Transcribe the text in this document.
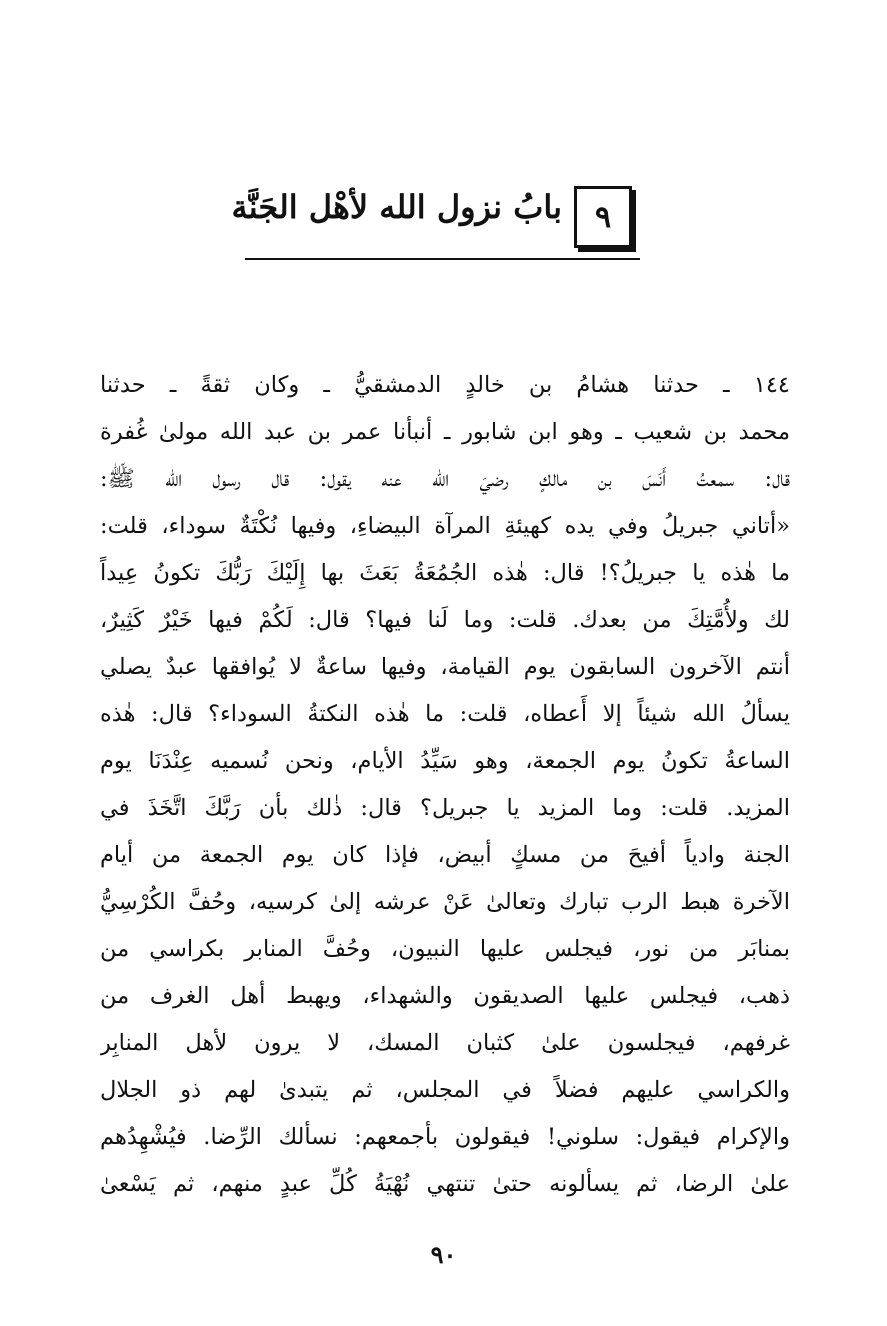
٩
بابُ نزول الله لأهْل الجَنَّة
١٤٤ ـ حدثنا هشامُ بن خالدٍ الدمشقيُّ ـ وكان ثقةً ـ حدثنا
محمد بن شعيب ـ وهو ابن شابور ـ أنبأنا عمر بن عبد الله مولىٰ غُفرة
قال: سمعتُ أَنَسَ بن مالكٍ رضيَ الله عنه يقول: قال رسول الله ﷺ:
«أتاني جبريلُ وفي يده كهيئةِ المرآة البيضاءِ، وفيها نُكْتَةٌ سوداء، قلت:
ما هٰذه يا جبريلُ؟! قال: هٰذه الجُمُعَةُ بَعَثَ بها إِلَيْكَ رَبُّكَ تكونُ عِيداً
لك ولأُمَّتِكَ من بعدك. قلت: وما لَنا فيها؟ قال: لَكُمْ فيها خَيْرٌ كَثِيرٌ،
أنتم الآخرون السابقون يوم القيامة، وفيها ساعةٌ لا يُوافقها عبدٌ يصلي
يسألُ الله شيئاً إلا أَعطاه، قلت: ما هٰذه النكتةُ السوداء؟ قال: هٰذه
الساعةُ تكونُ يوم الجمعة، وهو سَيِّدُ الأيام، ونحن نُسميه عِنْدَنَا يوم
المزيد. قلت: وما المزيد يا جبريل؟ قال: ذٰلك بأن رَبَّكَ اتَّخَذَ في
الجنة وادياً أفيحَ من مسكٍ أبيض، فإذا كان يوم الجمعة من أيام
الآخرة هبط الرب تبارك وتعالىٰ عَنْ عرشه إلىٰ كرسيه، وحُفَّ الكُرْسِيُّ
بمنابَر من نور، فيجلس عليها النبيون، وحُفَّ المنابر بكراسي من
ذهب، فيجلس عليها الصديقون والشهداء، ويهبط أهل الغرف من
غرفهم، فيجلسون علىٰ كثبان المسك، لا يرون لأهل المنابِر
والكراسي عليهم فضلاً في المجلس، ثم يتبدىٰ لهم ذو الجلال
والإكرام فيقول: سلوني! فيقولون بأجمعهم: نسألك الرِّضا. فيُشْهِدُهم
علىٰ الرضا، ثم يسألونه حتىٰ تنتهي نُهْيَةُ كُلِّ عبدٍ منهم، ثم يَسْعىٰ
٩٠
